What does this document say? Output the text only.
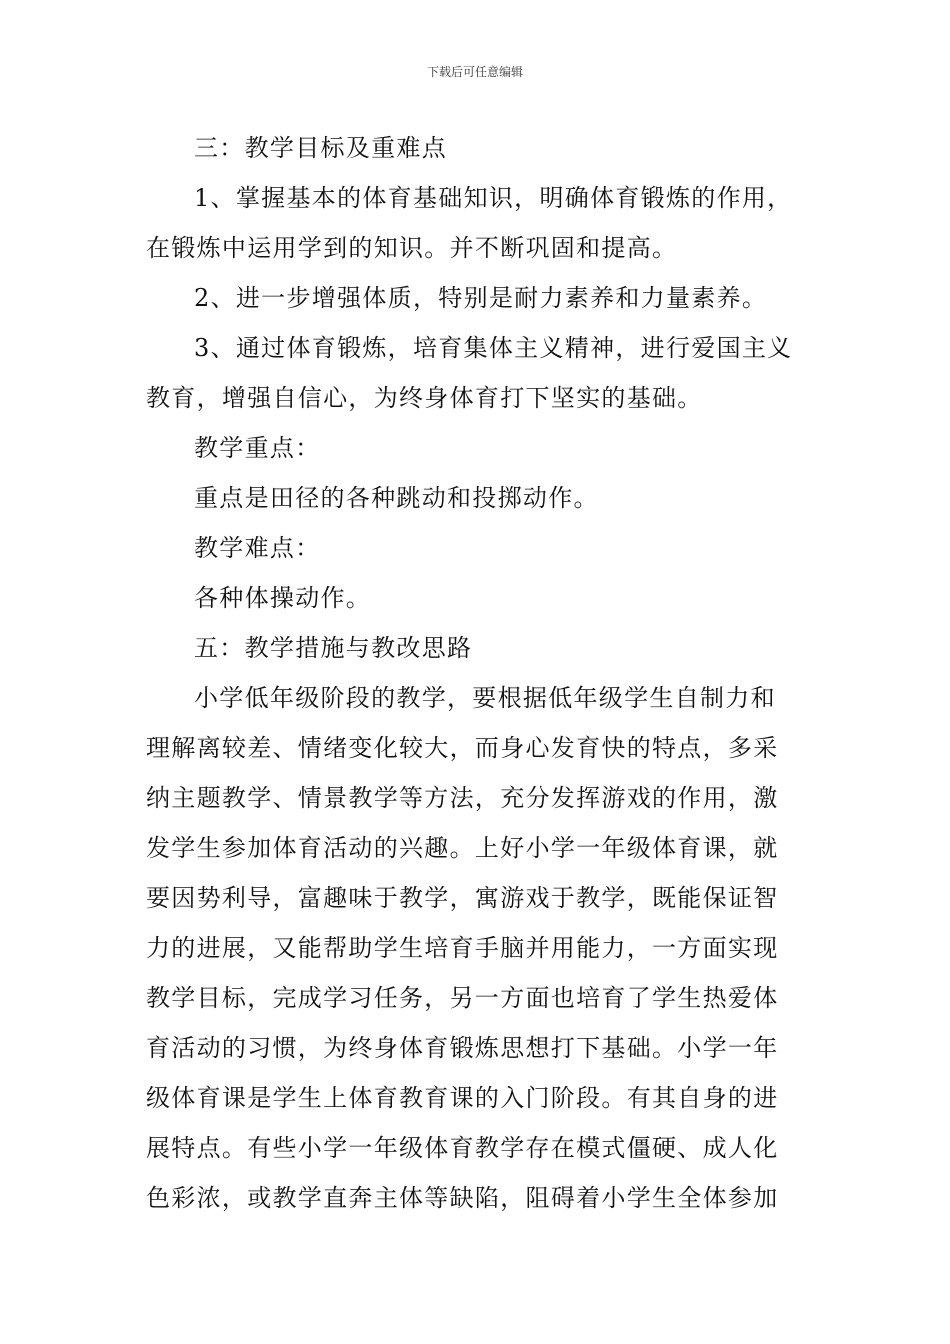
下载后可任意编辑

三：教学目标及重难点

1、掌握基本的体育基础知识，明确体育锻炼的作用，

在锻炼中运用学到的知识。并不断巩固和提高。

2、进一步增强体质，特别是耐力素养和力量素养。

3、通过体育锻炼，培育集体主义精神，进行爱国主义

教育，增强自信心，为终身体育打下坚实的基础。

教学重点：

重点是田径的各种跳动和投掷动作。

教学难点：

各种体操动作。

五：教学措施与教改思路

小学低年级阶段的教学，要根据低年级学生自制力和

理解离较差、情绪变化较大，而身心发育快的特点，多采

纳主题教学、情景教学等方法，充分发挥游戏的作用，激

发学生参加体育活动的兴趣。上好小学一年级体育课，就

要因势利导，富趣味于教学，寓游戏于教学，既能保证智

力的进展，又能帮助学生培育手脑并用能力，一方面实现

教学目标，完成学习任务，另一方面也培育了学生热爱体

育活动的习惯，为终身体育锻炼思想打下基础。小学一年

级体育课是学生上体育教育课的入门阶段。有其自身的进

展特点。有些小学一年级体育教学存在模式僵硬、成人化

色彩浓，或教学直奔主体等缺陷，阻碍着小学生全体参加
